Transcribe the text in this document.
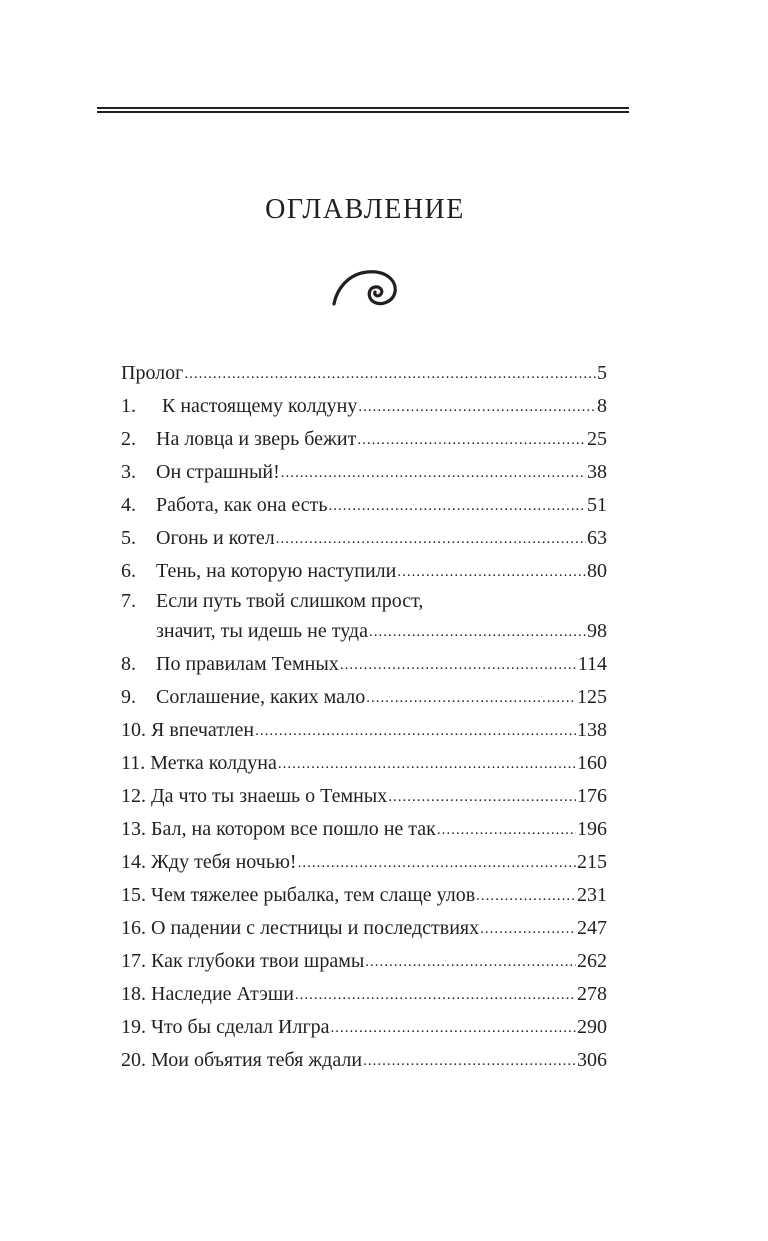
ОГЛАВЛЕНИЕ
Пролог .....	5
1.	К настоящему колдуну .....	8
2.	На ловца и зверь бежит .....	25
3.	Он страшный! .....	38
4.	Работа, как она есть .....	51
5.	Огонь и котел .....	63
6.	Тень, на которую наступили .....	80
7.	Если путь твой слишком прост,
значит, ты идешь не туда .....	98
8.	По правилам Темных .....	114
9.	Соглашение, каких мало .....	125
10. Я впечатлен .....	138
11. Метка колдуна .....	160
12. Да что ты знаешь о Темных .....	176
13. Бал, на котором все пошло не так .....	196
14. Жду тебя ночью! .....	215
15. Чем тяжелее рыбалка, тем слаще улов .....	231
16. О падении с лестницы и последствиях .....	247
17. Как глубоки твои шрамы .....	262
18. Наследие Атэши .....	278
19. Что бы сделал Илгра .....	290
20. Мои объятия тебя ждали .....	306
